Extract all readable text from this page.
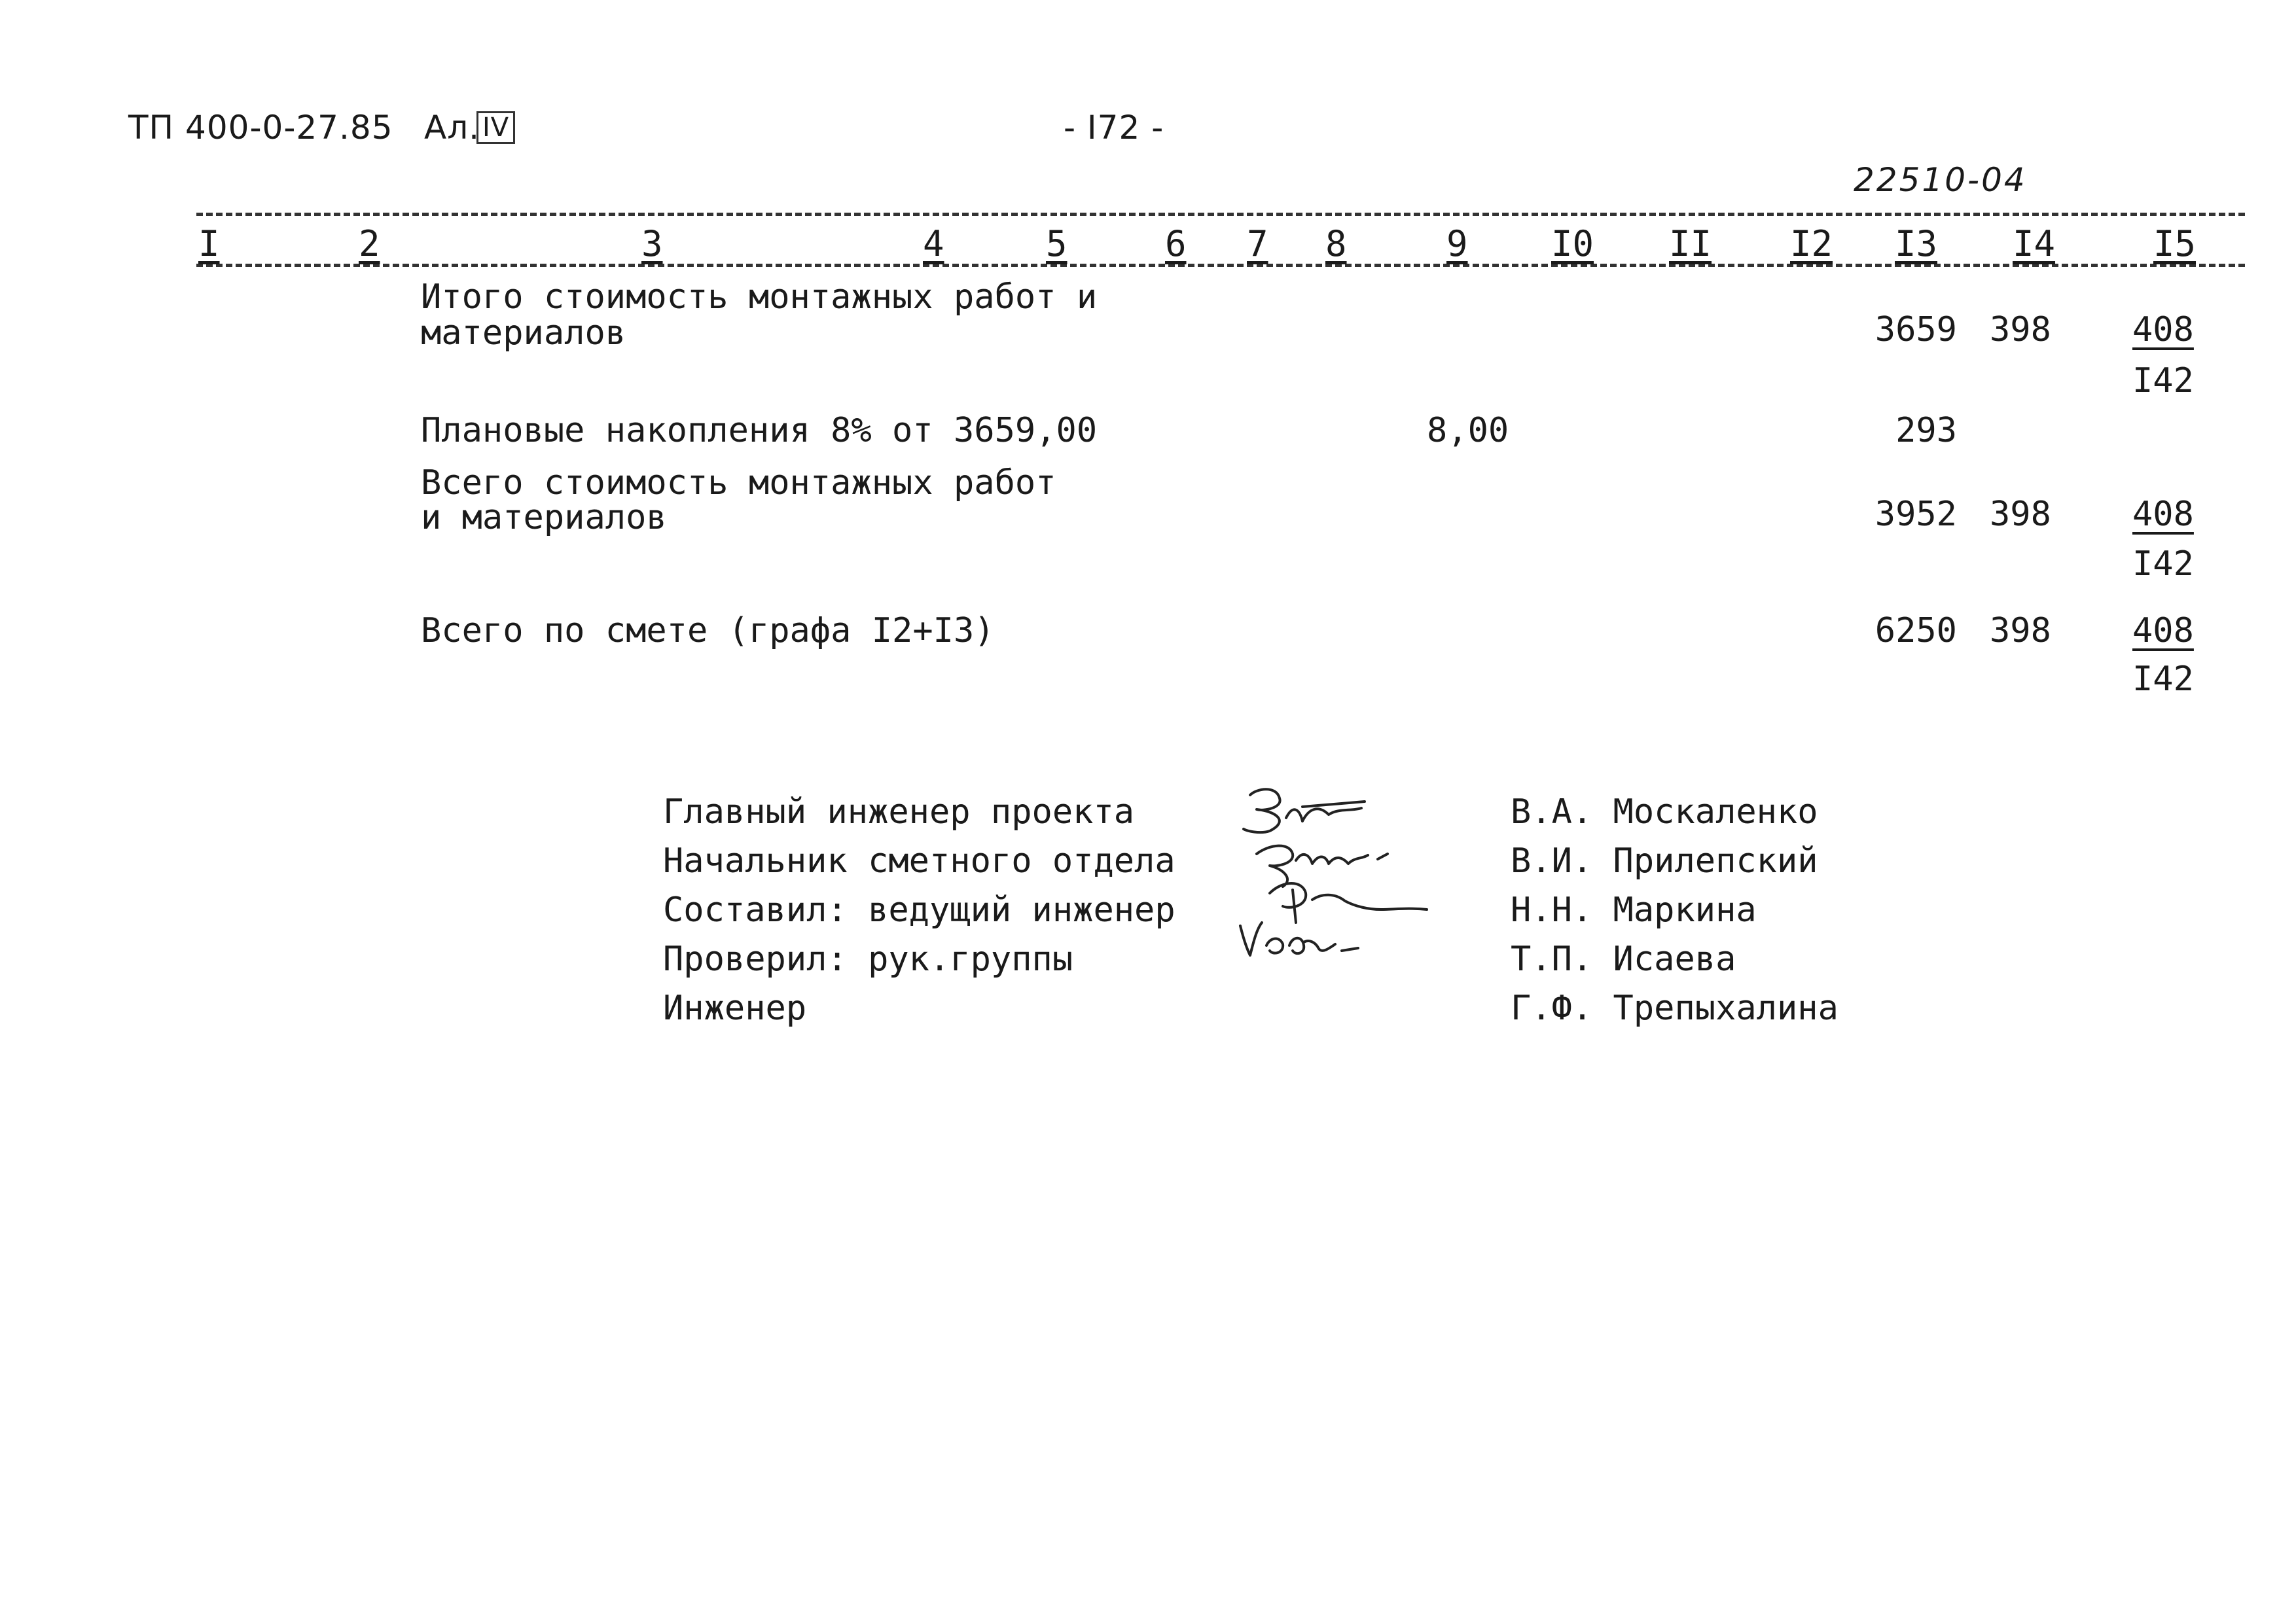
ТП 400-0-27.85 Ал. IV	- I72 -
22510-04
I	2	3	4	5	6 7 8	9 I0 II I2 I3 I4	I5
Итого стоимость монтажных работ и
материалов	3659 398 408
I42
Плановые накопления 8% от 3659,00	8,00	293
Всего стоимость монтажных работ
и материалов	3952 398 408
I42
Всего по смете (графа I2+I3)	6250 398 408
I42
Главный инженер проекта	В.А. Москаленко
Начальник сметного отдела	В.И. Прилепский
Составил: ведущий инженер	Н.Н. Маркина
Проверил: рук.группы	Т.П. Исаева
Инженер	Г.Ф. Трепыхалина
